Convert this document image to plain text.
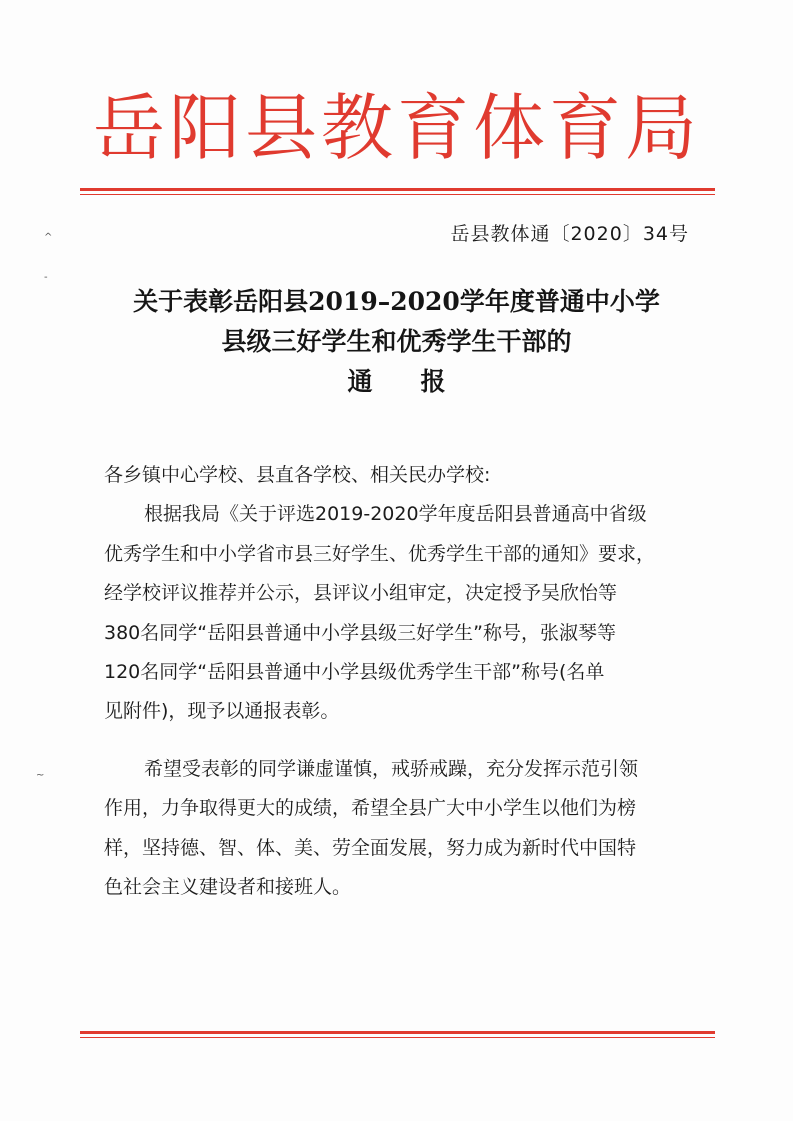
岳阳县教育体育局
^
-
~
岳县教体通〔2020〕34号
关于表彰岳阳县2019–2020学年度普通中小学
县级三好学生和优秀学生干部的
通报
各乡镇中心学校、县直各学校、相关民办学校:
根据我局《关于评选2019-2020学年度岳阳县普通高中省级
优秀学生和中小学省市县三好学生、优秀学生干部的通知》要求，
经学校评议推荐并公示，县评议小组审定，决定授予吴欣怡等
380名同学“岳阳县普通中小学县级三好学生”称号，张淑琴等
120名同学“岳阳县普通中小学县级优秀学生干部”称号(名单
见附件)，现予以通报表彰。
希望受表彰的同学谦虚谨慎，戒骄戒躁，充分发挥示范引领
作用，力争取得更大的成绩，希望全县广大中小学生以他们为榜
样，坚持德、智、体、美、劳全面发展，努力成为新时代中国特
色社会主义建设者和接班人。
